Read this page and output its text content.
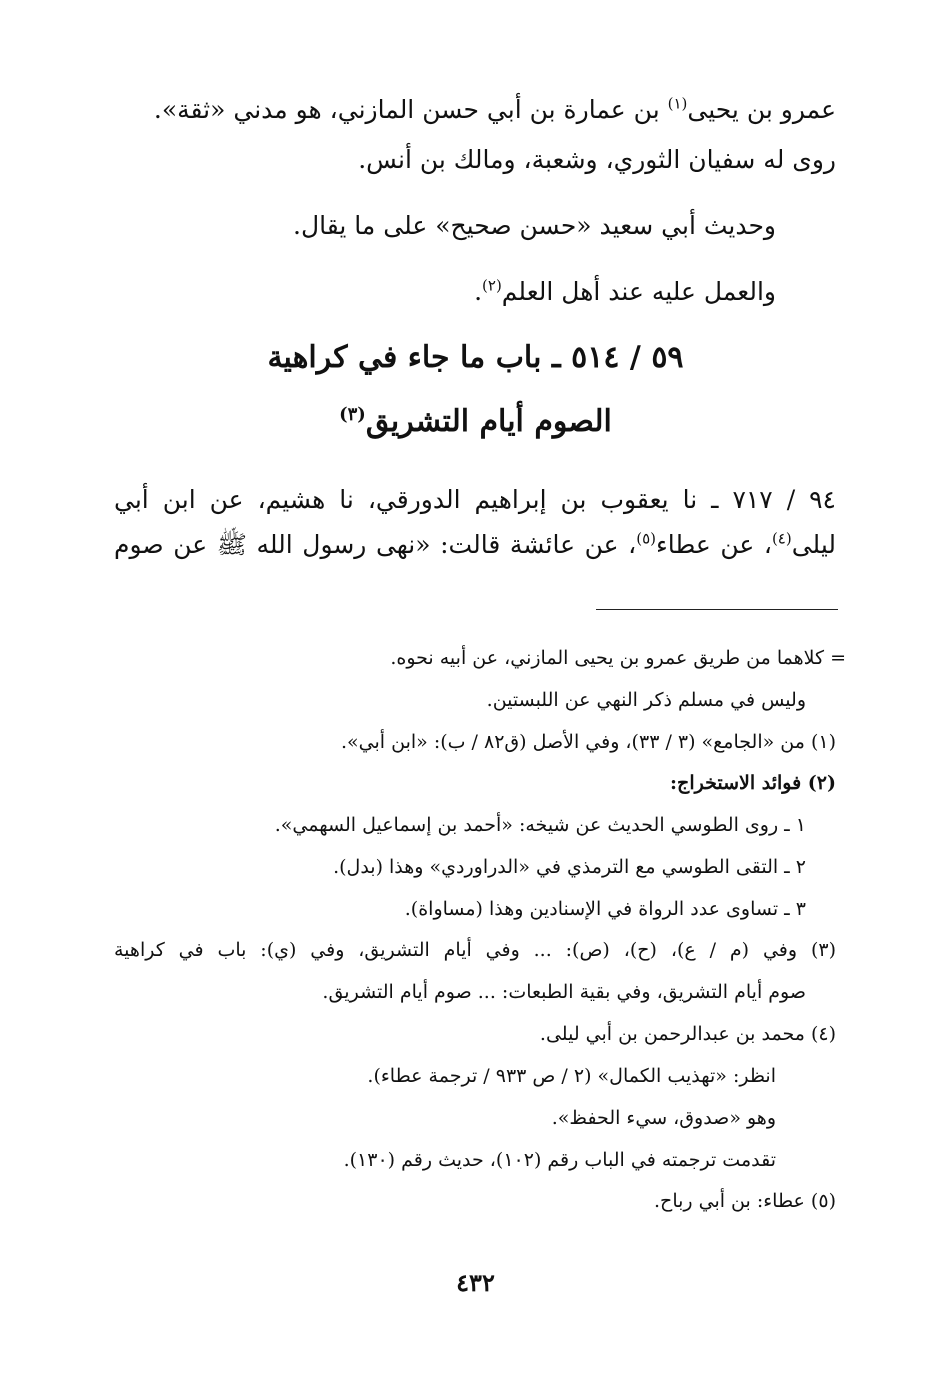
عمرو بن يحيى$^{(١)}$ بن عمارة بن أبي حسن المازني، هو مدني «ثقة».
روى له سفيان الثوري، وشعبة، ومالك بن أنس.
وحديث أبي سعيد «حسن صحيح» على ما يقال.
والعمل عليه عند أهل العلم$^{(٢)}$.
٥٩ / ٥١٤ ـ باب ما جاء في كراهية
الصوم أيام التشريق$^{(٣)}$
٩٤ / ٧١٧ ـ نا يعقوب بن إبراهيم الدورقي، نا هشيم، عن ابن أبي
ليلى$^{(٤)}$، عن عطاء$^{(٥)}$، عن عائشة قالت: «نهى رسول الله ﷺ عن صوم
= كلاهما من طريق عمرو بن يحيى المازني، عن أبيه نحوه.
وليس في مسلم ذكر النهي عن اللبستين.
(١) من «الجامع» (٣ / ٣٣)، وفي الأصل (ق٨٢ / ب): «ابن أبي».
(٢) فوائد الاستخراج:
١ ـ روى الطوسي الحديث عن شيخه: «أحمد بن إسماعيل السهمي».
٢ ـ التقى الطوسي مع الترمذي في «الدراوردي» وهذا (بدل).
٣ ـ تساوى عدد الرواة في الإسنادين وهذا (مساواة).
(٣) وفي (م / ع)، (ح)، (ص): ... وفي أيام التشريق، وفي (ي): باب في كراهية
صوم أيام التشريق، وفي بقية الطبعات: ... صوم أيام التشريق.
(٤) محمد بن عبدالرحمن بن أبي ليلى.
انظر: «تهذيب الكمال» (٢ / ص ٩٣٣ / ترجمة عطاء).
وهو «صدوق، سيء الحفظ».
تقدمت ترجمته في الباب رقم (١٠٢)، حديث رقم (١٣٠).
(٥) عطاء: بن أبي رباح.
٤٣٢
